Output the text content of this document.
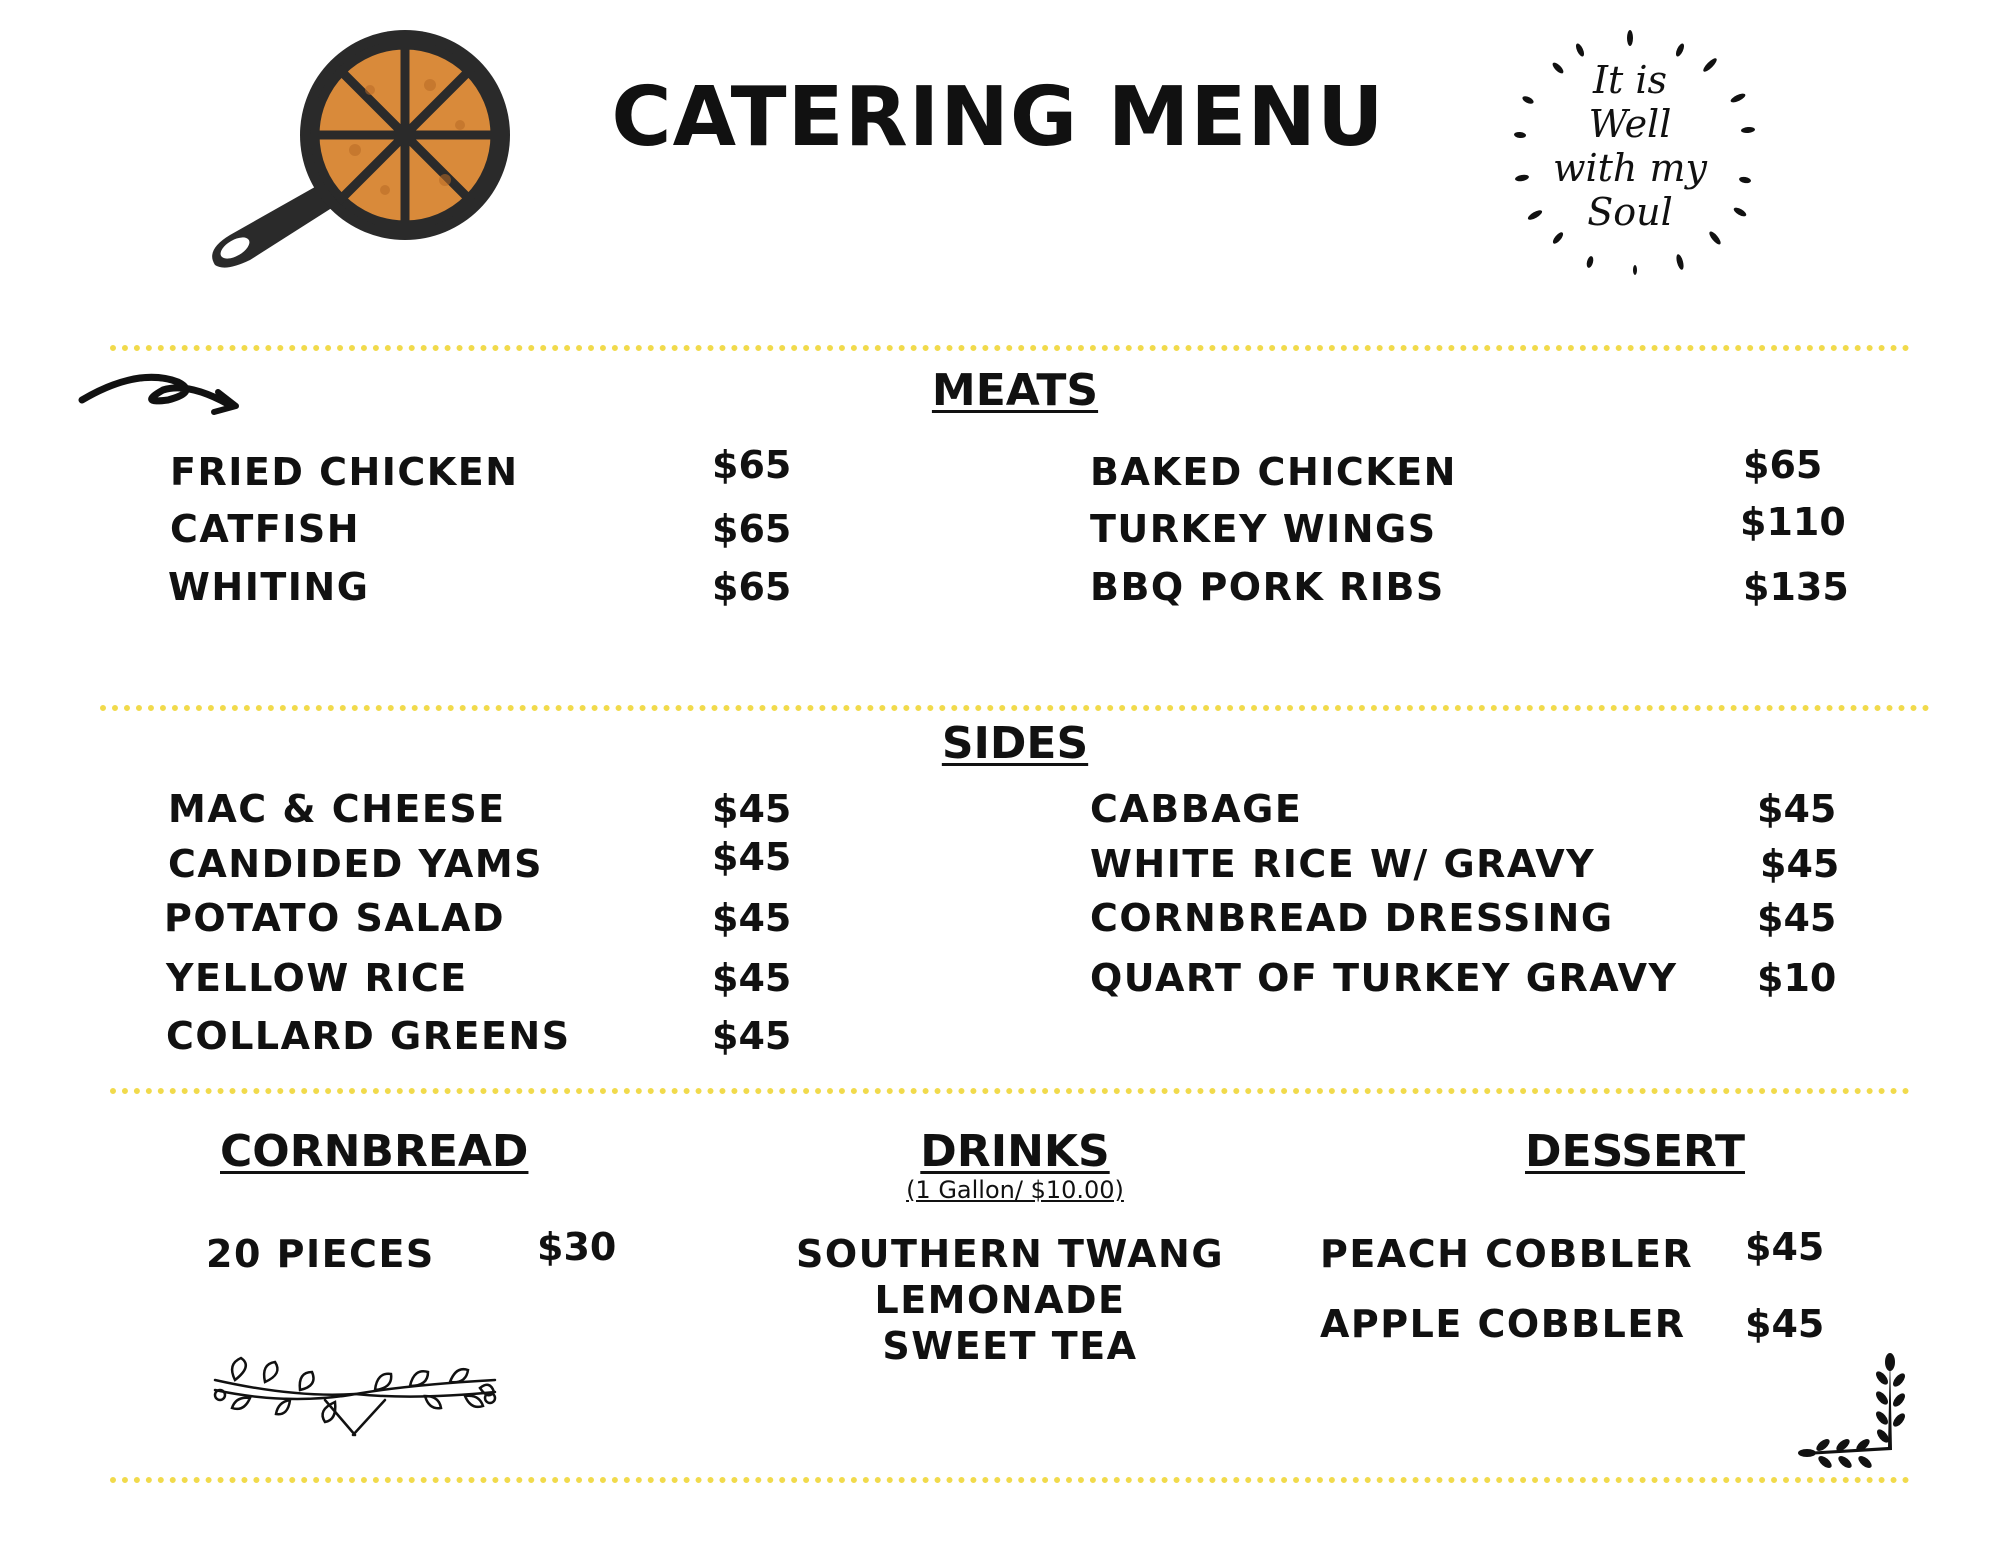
CATERING MENU	It is
Well
with my
Soul
MEATS
FRIED CHICKEN	$65
CATFISH	$65
WHITING	$65
BAKED CHICKEN	$65
TURKEY WINGS	$110
BBQ PORK RIBS	$135
SIDES
MAC & CHEESE	$45
CANDIDED YAMS	$45
POTATO SALAD	$45
YELLOW RICE	$45
COLLARD GREENS	$45
CABBAGE	$45
WHITE RICE W/ GRAVY	$45
CORNBREAD DRESSING	$45
QUART OF TURKEY GRAVY $10
CORNBREAD
20 PIECES	$30
DRINKS
(1 Gallon/ $10.00)
SOUTHERN TWANG
LEMONADE
SWEET TEA
DESSERT
PEACH COBBLER $45
APPLE COBBLER $45
